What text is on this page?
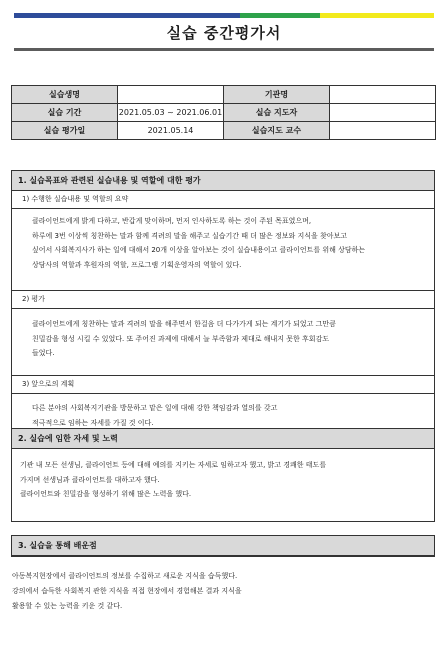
실습 중간평가서
실습생명		기관명	
실습 기간	2021.05.03 ~ 2021.06.01	실습 지도자	
실습 평가일	2021.05.14	실습지도 교수	
1. 실습목표와 관련된 실습내용 및 역할에 대한 평가
1) 수행한 실습내용 및 역할의 요약

클라이언트에게 밝게 다하고, 반갑게 맞이하며, 먼저 인사하도록 하는 것이 주된 목표였으며,

하루에 3번 이상씩 칭찬하는 말과 함께 격려의 말을 해주고 실습기간 때 더 많은 정보와 지식을 찾아보고

싶어서 사회복지사가 하는 일에 대해서 20개 이상을 알아보는 것이 실습내용이고 클라이언트를 위해 상담하는

상담사의 역할과 후원자의 역할, 프로그램 기획운영자의 역할이 있다.

2) 평가

클라이언트에게 칭찬하는 말과 격려의 말을 해주면서 한걸음 더 다가가게 되는 계기가 되었고 그만큼

친밀감을 형성 시킬 수 있었다. 또 주어진 과제에 대해서 늘 부족함과 제대로 해내지 못한 후회감도

들었다.

3) 앞으로의 계획

다른 분야의 사회복지기관을 방문하고 맡은 일에 대해 강한 책임감과 열의를 갖고

적극적으로 임하는 자세를 가질 것 이다.

2. 실습에 임한 자세 및 노력

기관 내 모든 선생님, 클라이언트 등에 대해 예의를 지키는 자세로 임하고자 했고, 밝고 경쾌한 태도를

가지며 선생님과 클라이언트를 대하고자 했다.

클라이언트와 친밀감을 형성하기 위해 많은 노력을 했다.

3. 실습을 통해 배운점

아동복지현장에서 클라이언트의 정보를 수집하고 새로운 지식을 습득했다.

강의에서 습득한 사회복지 관한 지식을 직접 현장에서 경험해본 결과 지식을

활용할 수 있는 능력을 키운 것 같다.
